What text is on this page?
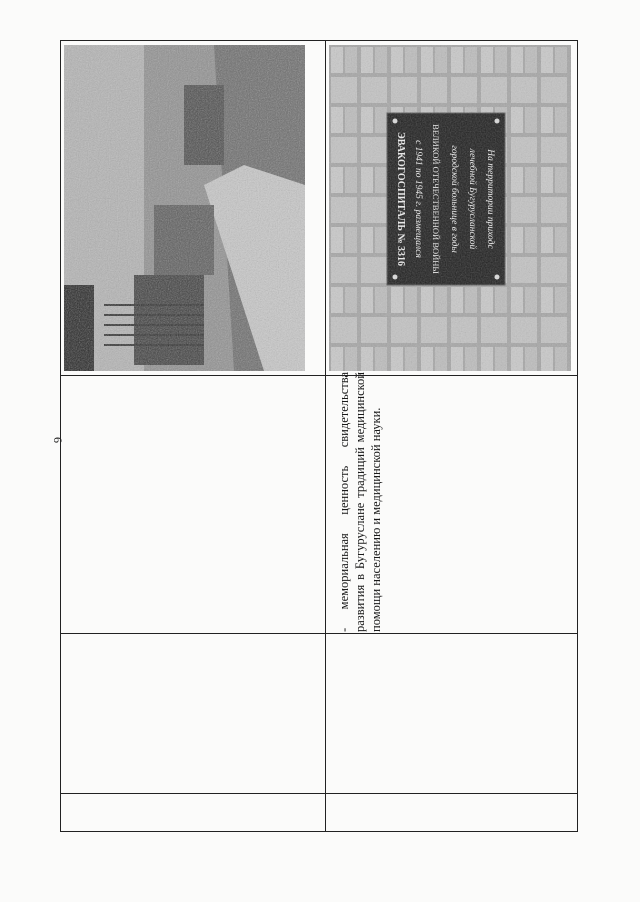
6
На территории приходс
лечебной Бугурусланской
городской больнице в годы
ВЕЛИКОЙ ОТЕЧЕСТВЕННОЙ ВОЙНЫ
с 1941 по 1945 г. размещался
ЭВАКОГОСПИТАЛЬ № 3316
- мемориальная ценность свидетельства развития в Бугуруслане традиций медицинской помощи населению и медицинской науки.
